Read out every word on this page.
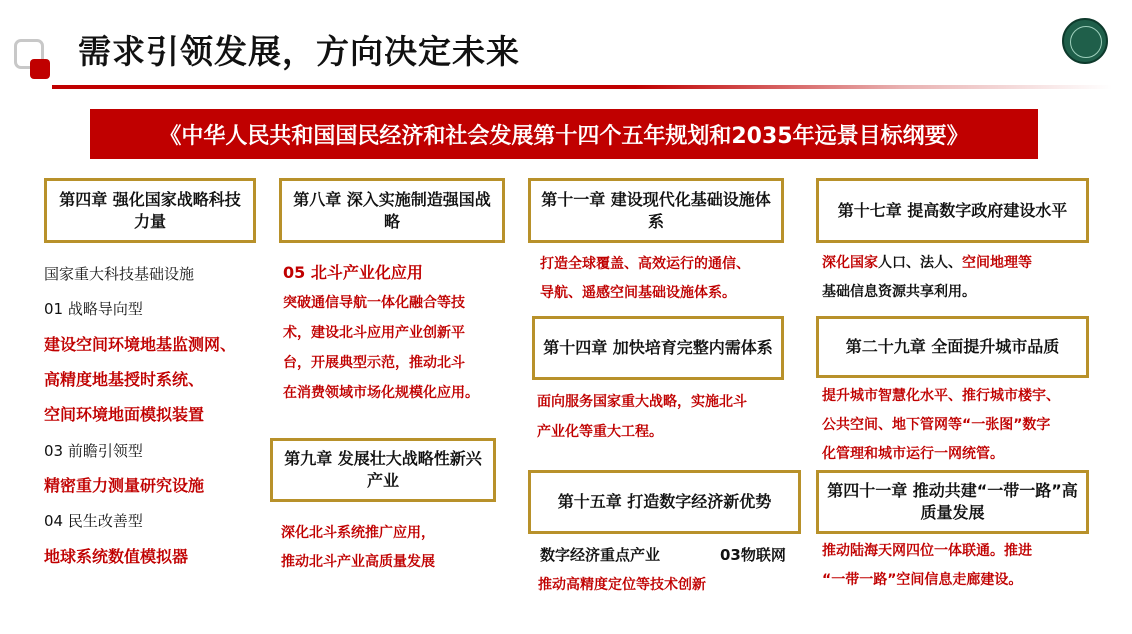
需求引领发展，方向决定未来
《中华人民共和国国民经济和社会发展第十四个五年规划和2035年远景目标纲要》
第四章 强化国家战略科技力量
国家重大科技基础设施
01 战略导向型
建设空间环境地基监测网、
高精度地基授时系统、
空间环境地面模拟装置
03 前瞻引领型
精密重力测量研究设施
04 民生改善型
地球系统数值模拟器
第八章 深入实施制造强国战略
05 北斗产业化应用
突破通信导航一体化融合等技
术，建设北斗应用产业创新平
台，开展典型示范，推动北斗
在消费领域市场化规模化应用。
第九章 发展壮大战略性新兴产业
深化北斗系统推广应用，
推动北斗产业高质量发展
第十一章 建设现代化基础设施体系
打造全球覆盖、高效运行的通信、
导航、遥感空间基础设施体系。
第十四章 加快培育完整内需体系
面向服务国家重大战略，实施北斗
产业化等重大工程。
第十五章 打造数字经济新优势
数字经济重点产业	03物联网
推动高精度定位等技术创新
第十七章 提高数字政府建设水平
深化国家人口、法人、空间地理等
基础信息资源共享利用。
第二十九章 全面提升城市品质
提升城市智慧化水平、推行城市楼宇、
公共空间、地下管网等“一张图”数字
化管理和城市运行一网统管。
第四十一章 推动共建“一带一路”高质量发展
推动陆海天网四位一体联通。推进
“一带一路”空间信息走廊建设。
